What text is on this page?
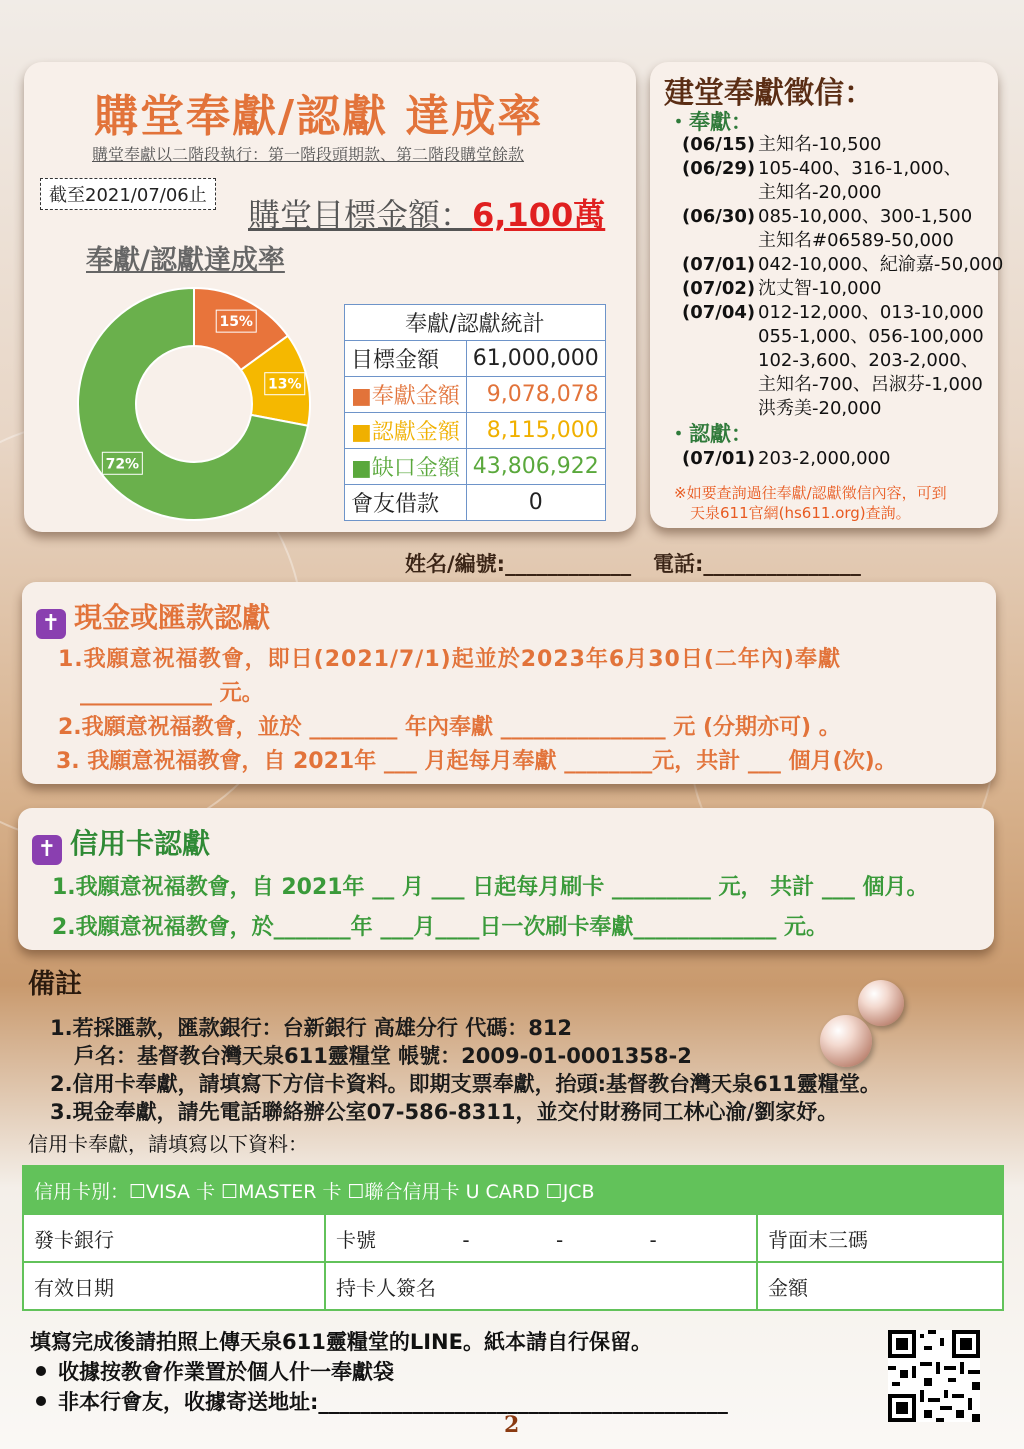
購堂奉獻/認獻 達成率
購堂奉獻以二階段執行：第一階段頭期款、第二階段購堂餘款
截至2021/07/06止
購堂目標金額：6,100萬
奉獻/認獻達成率
15%
13%
72%
奉獻/認獻統計	
目標金額	61,000,000
■奉獻金額	9,078,078
■認獻金額	8,115,000
■缺口金額	43,806,922
會友借款	0
建堂奉獻徵信：
・奉獻：
(06/15) 主知名-10,500
(06/29) 105-400、316-1,000、
主知名-20,000
(06/30) 085-10,000、300-1,500
主知名#06589-50,000
(07/01) 042-10,000、紀渝嘉-50,000
(07/02) 沈丈智-10,000
(07/04) 012-12,000、013-10,000
055-1,000、056-100,000
102-3,600、203-2,000、
主知名-700、呂淑芬-1,000
洪秀美-20,000
・認獻：
(07/01) 203-2,000,000
※如要查詢過往奉獻/認獻徵信內容，可到
天泉611官網(hs611.org)查詢。
姓名/編號:____________ 電話:_______________
✝ 現金或匯款認獻
1.我願意祝福教會，即日(2021/7/1)起並於2023年6月30日(二年內)奉獻
____________ 元。
2.我願意祝福教會，並於 ________ 年內奉獻 _______________ 元 (分期亦可) 。
3. 我願意祝福教會，自 2021年 ___ 月起每月奉獻 ________元，共計 ___ 個月(次)。
✝ 信用卡認獻
1.我願意祝福教會，自 2021年 __ 月 ___ 日起每月刷卡 _________ 元， 共計 ___ 個月。
2.我願意祝福教會，於_______年 ___月____日一次刷卡奉獻_____________ 元。
備註
1.若採匯款，匯款銀行：台新銀行 高雄分行 代碼：812
戶名：基督教台灣天泉611靈糧堂 帳號：2009-01-0001358-2
2.信用卡奉獻，請填寫下方信卡資料。即期支票奉獻，抬頭:基督教台灣天泉611靈糧堂。
3.現金奉獻，請先電話聯絡辦公室07-586-8311，並交付財務同工林心渝/劉家妤。
信用卡奉獻，請填寫以下資料：
信用卡別：☐VISA 卡 ☐MASTER 卡 ☐聯合信用卡 U CARD ☐JCB		
發卡銀行	卡號 - - -	背面末三碼
有效日期	持卡人簽名	金額
填寫完成後請拍照上傳天泉611靈糧堂的LINE。紙本請自行保留。
收據按教會作業置於個人什一奉獻袋
非本行會友，收據寄送地址:_______________________________________
2
